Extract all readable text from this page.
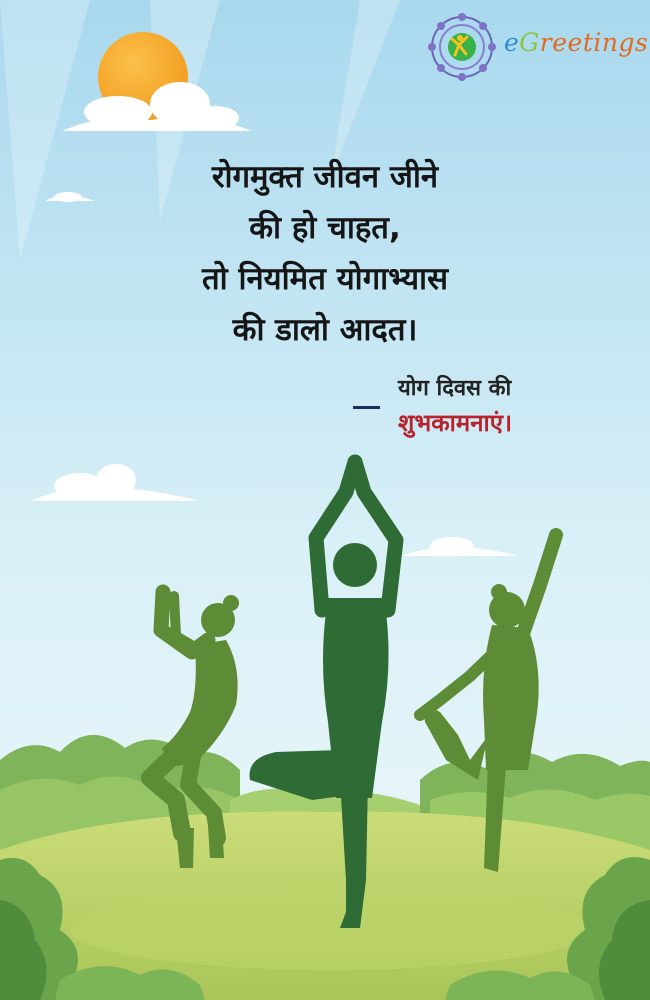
eGreetings
रोगमुक्त जीवन जीने
की हो चाहत,
तो नियमित योगाभ्यास
की डालो आदत।
योग दिवस की
शुभकामनाएं।
